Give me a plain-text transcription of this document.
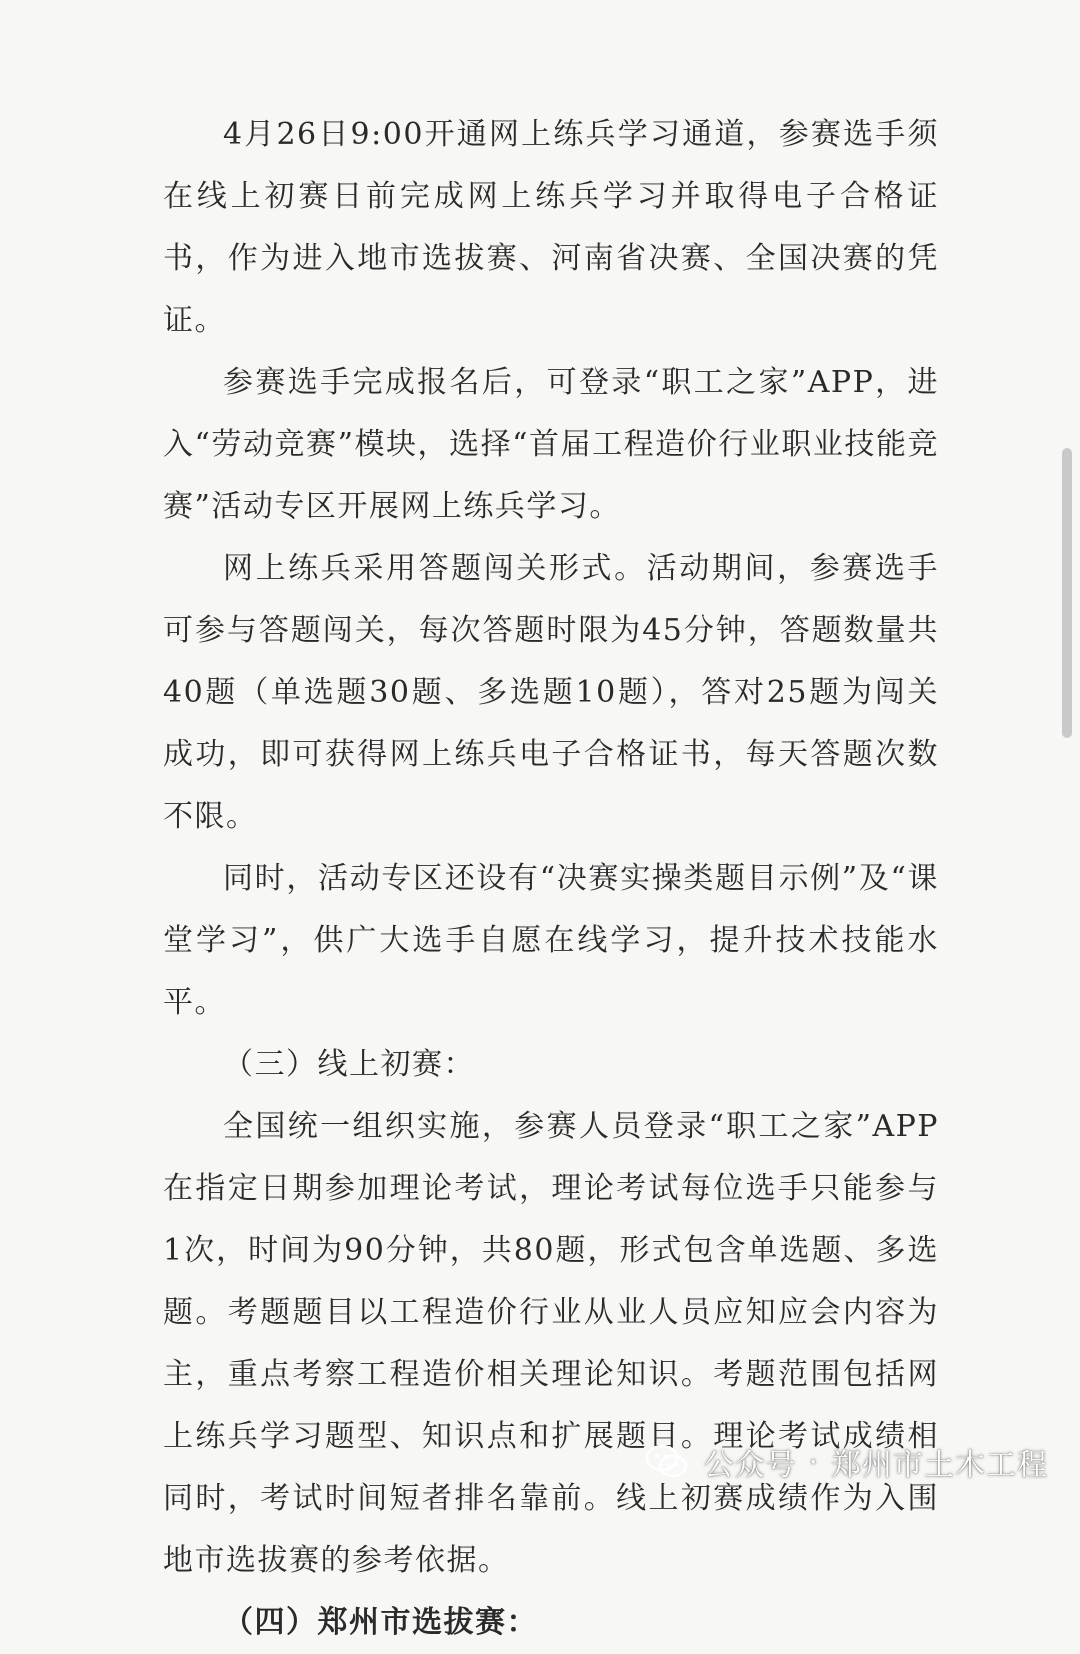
4月26日9:00开通网上练兵学习通道，参赛选手须在线上初赛日前完成网上练兵学习并取得电子合格证书，作为进入地市选拔赛、河南省决赛、全国决赛的凭证。

参赛选手完成报名后，可登录“职工之家”APP，进入“劳动竞赛”模块，选择“首届工程造价行业职业技能竞赛”活动专区开展网上练兵学习。

网上练兵采用答题闯关形式。活动期间，参赛选手可参与答题闯关，每次答题时限为45分钟，答题数量共40题（单选题30题、多选题10题），答对25题为闯关成功，即可获得网上练兵电子合格证书，每天答题次数不限。

同时，活动专区还设有“决赛实操类题目示例”及“课堂学习”，供广大选手自愿在线学习，提升技术技能水平。

（三）线上初赛：

全国统一组织实施，参赛人员登录“职工之家”APP在指定日期参加理论考试，理论考试每位选手只能参与1次，时间为90分钟，共80题，形式包含单选题、多选题。考题题目以工程造价行业从业人员应知应会内容为主，重点考察工程造价相关理论知识。考题范围包括网上练兵学习题型、知识点和扩展题目。理论考试成绩相同时，考试时间短者排名靠前。线上初赛成绩作为入围地市选拔赛的参考依据。

（四）郑州市选拔赛：

公众号 · 郑州市土木工程
